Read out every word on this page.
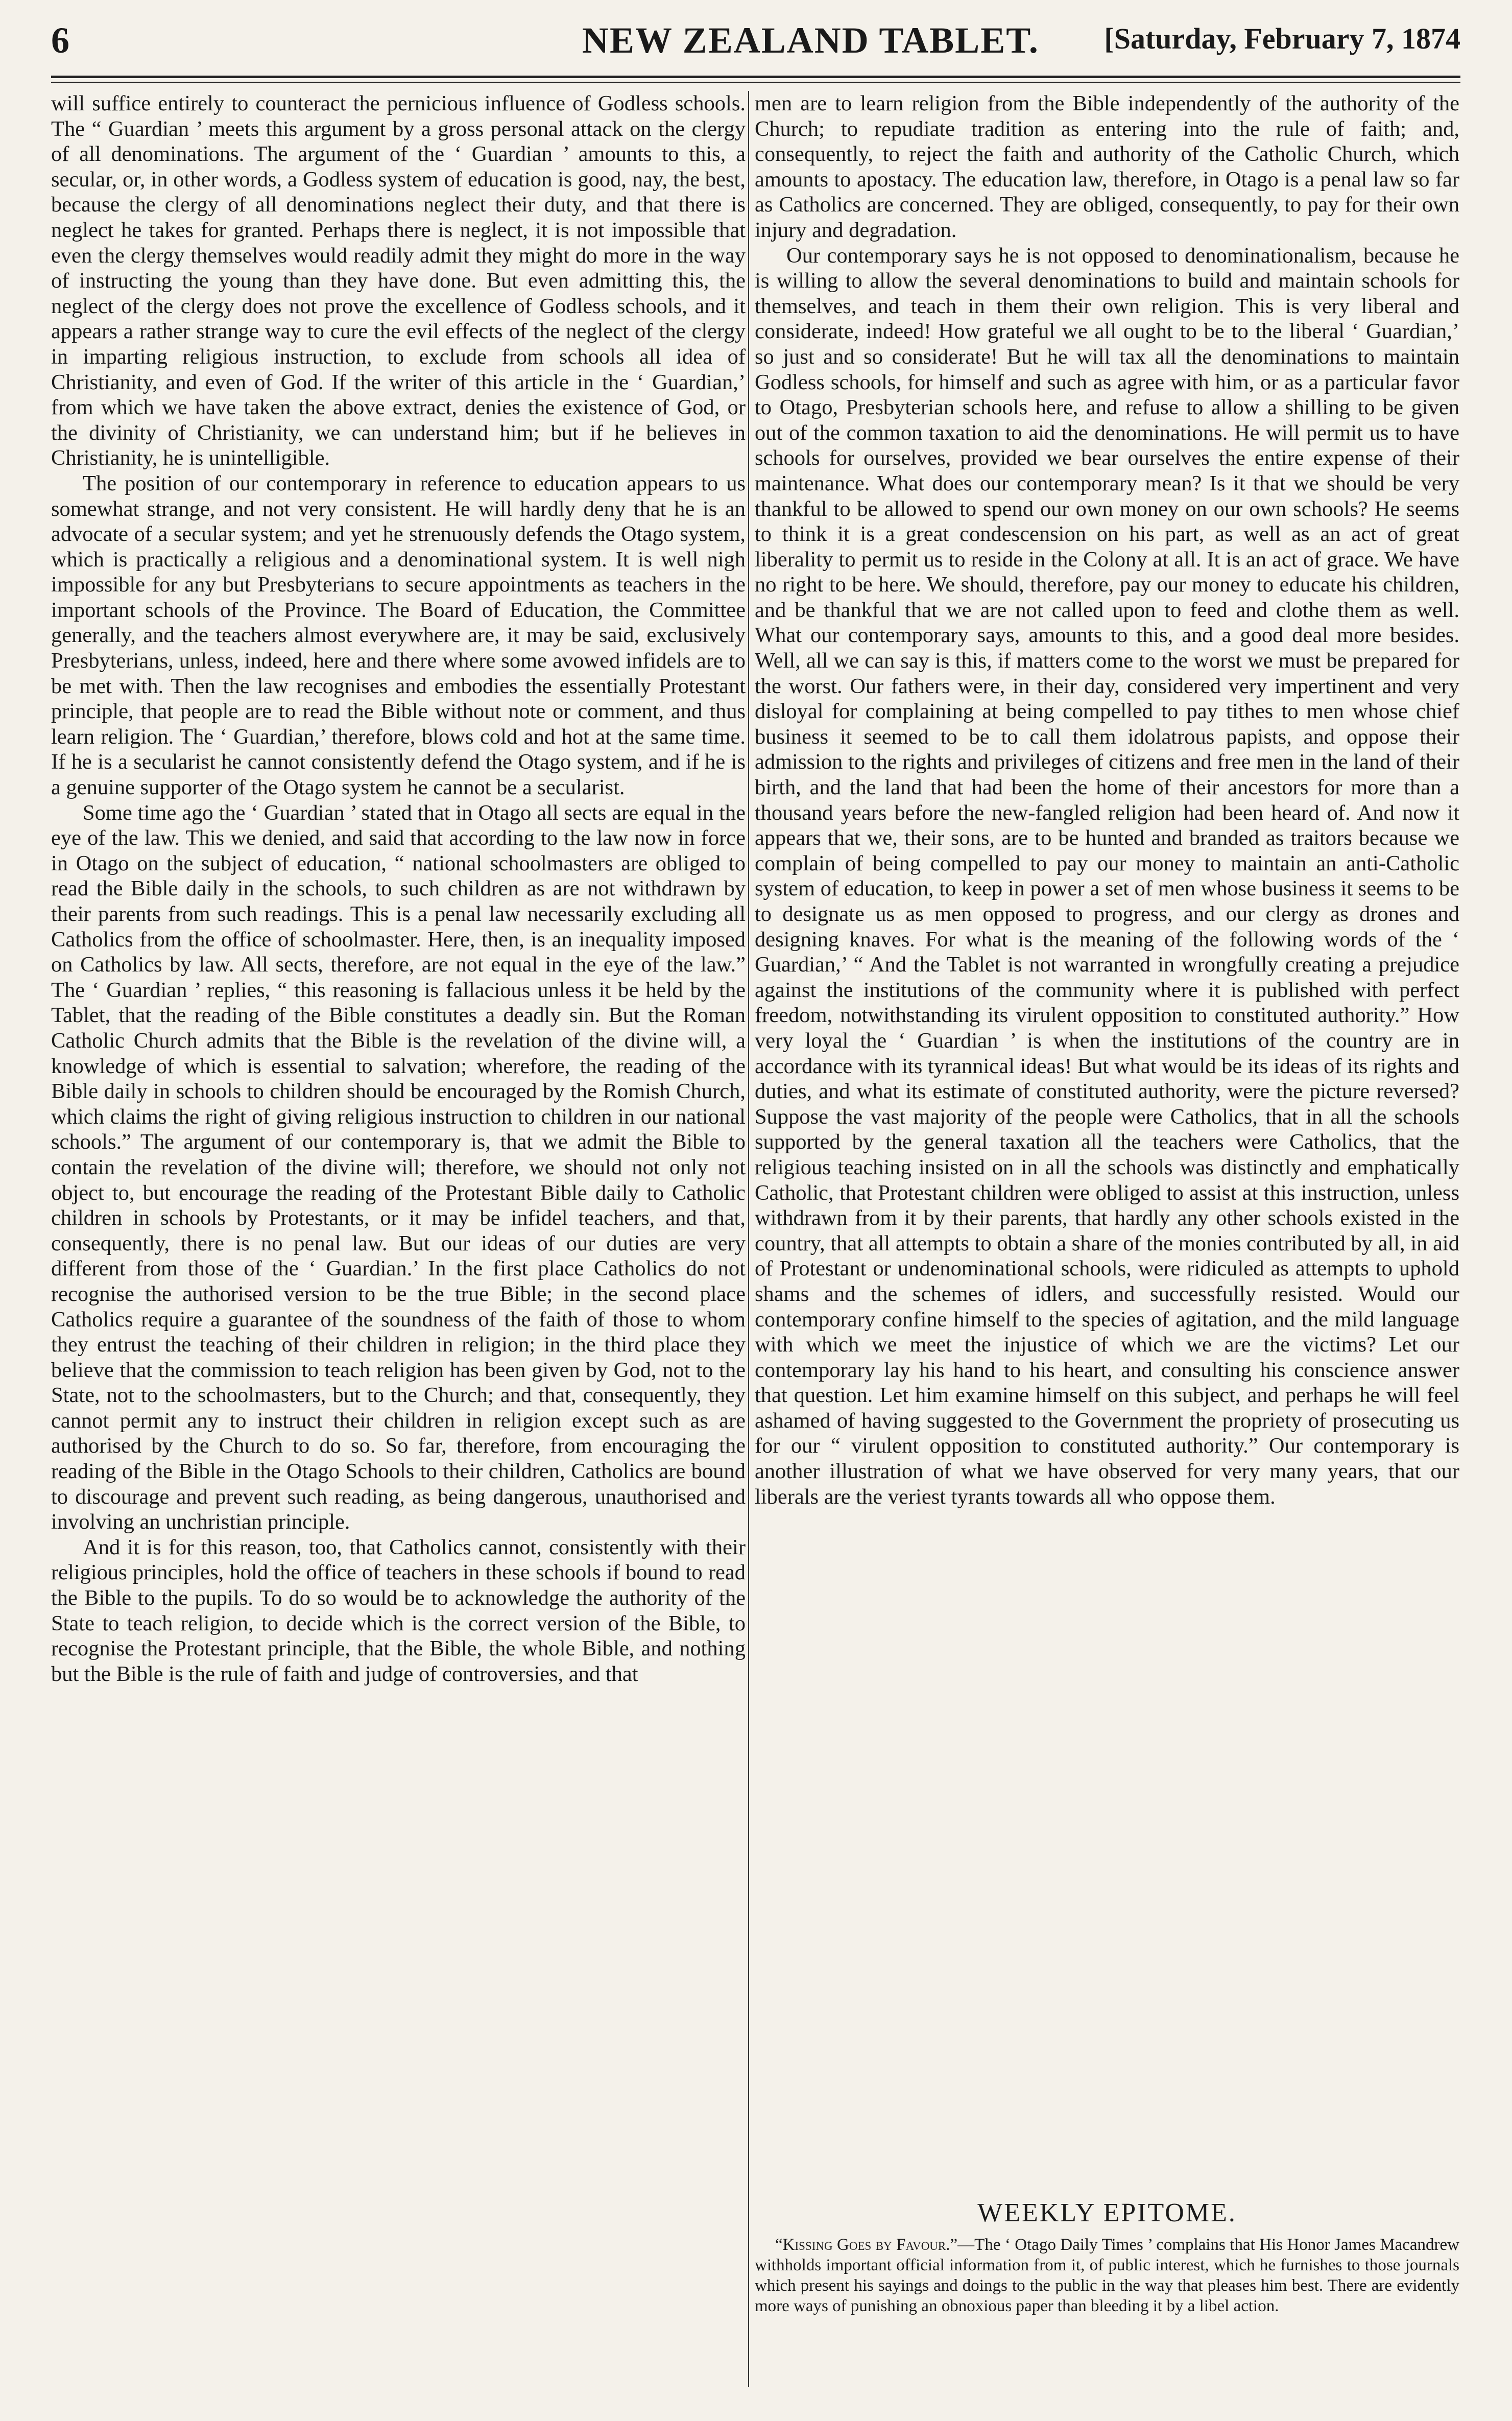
6	NEW ZEALAND TABLET. [Saturday, February 7, 1874

will suffice entirely to counteract the pernicious influence of Godless schools. The “ Guardian ’ meets this argument by a gross personal attack on the clergy of all denominations. The argument of the ‘ Guardian ’ amounts to this, a secular, or, in other words, a Godless system of education is good, nay, the best, because the clergy of all denominations neglect their duty, and that there is neglect he takes for granted. Perhaps there is neglect, it is not impossible that even the clergy themselves would readily admit they might do more in the way of instructing the young than they have done. But even admitting this, the neglect of the clergy does not prove the excellence of Godless schools, and it appears a rather strange way to cure the evil effects of the neglect of the clergy in imparting religious instruction, to exclude from schools all idea of Christianity, and even of God. If the writer of this article in the ‘ Guardian,’ from which we have taken the above extract, denies the existence of God, or the divinity of Christianity, we can understand him; but if he believes in Christianity, he is unintelligible.

The position of our contemporary in reference to education appears to us somewhat strange, and not very consistent. He will hardly deny that he is an advocate of a secular system; and yet he strenuously defends the Otago system, which is practically a religious and a denominational system. It is well nigh impossible for any but Presbyterians to secure appointments as teachers in the important schools of the Province. The Board of Education, the Committee generally, and the teachers almost everywhere are, it may be said, exclusively Presbyterians, unless, indeed, here and there where some avowed infidels are to be met with. Then the law recognises and embodies the essentially Protestant principle, that people are to read the Bible without note or comment, and thus learn religion. The ‘ Guardian,’ therefore, blows cold and hot at the same time. If he is a secularist he cannot consistently defend the Otago system, and if he is a genuine supporter of the Otago system he cannot be a secularist.

Some time ago the ‘ Guardian ’ stated that in Otago all sects are equal in the eye of the law. This we denied, and said that according to the law now in force in Otago on the subject of education, “ national schoolmasters are obliged to read the Bible daily in the schools, to such children as are not withdrawn by their parents from such readings. This is a penal law necessarily excluding all Catholics from the office of schoolmaster. Here, then, is an inequality imposed on Catholics by law. All sects, therefore, are not equal in the eye of the law.” The ‘ Guardian ’ replies, “ this reasoning is fallacious unless it be held by the Tablet, that the reading of the Bible constitutes a deadly sin. But the Roman Catholic Church admits that the Bible is the revelation of the divine will, a knowledge of which is essential to salvation; wherefore, the reading of the Bible daily in schools to children should be encouraged by the Romish Church, which claims the right of giving religious instruction to children in our national schools.” The argument of our contemporary is, that we admit the Bible to contain the revelation of the divine will; therefore, we should not only not object to, but encourage the reading of the Protestant Bible daily to Catholic children in schools by Protestants, or it may be infidel teachers, and that, consequently, there is no penal law. But our ideas of our duties are very different from those of the ‘ Guardian.’ In the first place Catholics do not recognise the authorised version to be the true Bible; in the second place Catholics require a guarantee of the soundness of the faith of those to whom they entrust the teaching of their children in religion; in the third place they believe that the commission to teach religion has been given by God, not to the State, not to the schoolmasters, but to the Church; and that, consequently, they cannot permit any to instruct their children in religion except such as are authorised by the Church to do so. So far, therefore, from encouraging the reading of the Bible in the Otago Schools to their children, Catholics are bound to discourage and prevent such reading, as being dangerous, unauthorised and involving an unchristian principle.

And it is for this reason, too, that Catholics cannot, consistently with their religious principles, hold the office of teachers in these schools if bound to read the Bible to the pupils. To do so would be to acknowledge the authority of the State to teach religion, to decide which is the correct version of the Bible, to recognise the Protestant principle, that the Bible, the whole Bible, and nothing but the Bible is the rule of faith and judge of controversies, and that

men are to learn religion from the Bible independently of the authority of the Church; to repudiate tradition as entering into the rule of faith; and, consequently, to reject the faith and authority of the Catholic Church, which amounts to apostacy. The education law, therefore, in Otago is a penal law so far as Catholics are concerned. They are obliged, consequently, to pay for their own injury and degradation.

Our contemporary says he is not opposed to denominationalism, because he is willing to allow the several denominations to build and maintain schools for themselves, and teach in them their own religion. This is very liberal and considerate, indeed! How grateful we all ought to be to the liberal ‘ Guardian,’ so just and so considerate! But he will tax all the denominations to maintain Godless schools, for himself and such as agree with him, or as a particular favor to Otago, Presbyterian schools here, and refuse to allow a shilling to be given out of the common taxation to aid the denominations. He will permit us to have schools for ourselves, provided we bear ourselves the entire expense of their maintenance. What does our contemporary mean? Is it that we should be very thankful to be allowed to spend our own money on our own schools? He seems to think it is a great condescension on his part, as well as an act of great liberality to permit us to reside in the Colony at all. It is an act of grace. We have no right to be here. We should, therefore, pay our money to educate his children, and be thankful that we are not called upon to feed and clothe them as well. What our contemporary says, amounts to this, and a good deal more besides. Well, all we can say is this, if matters come to the worst we must be prepared for the worst. Our fathers were, in their day, considered very impertinent and very disloyal for complaining at being compelled to pay tithes to men whose chief business it seemed to be to call them idolatrous papists, and oppose their admission to the rights and privileges of citizens and free men in the land of their birth, and the land that had been the home of their ancestors for more than a thousand years before the new-fangled religion had been heard of. And now it appears that we, their sons, are to be hunted and branded as traitors because we complain of being compelled to pay our money to maintain an anti-Catholic system of education, to keep in power a set of men whose business it seems to be to designate us as men opposed to progress, and our clergy as drones and designing knaves. For what is the meaning of the following words of the ‘ Guardian,’ “ And the Tablet is not warranted in wrongfully creating a prejudice against the institutions of the community where it is published with perfect freedom, notwithstanding its virulent opposition to constituted authority.” How very loyal the ‘ Guardian ’ is when the institutions of the country are in accordance with its tyrannical ideas! But what would be its ideas of its rights and duties, and what its estimate of constituted authority, were the picture reversed? Suppose the vast majority of the people were Catholics, that in all the schools supported by the general taxation all the teachers were Catholics, that the religious teaching insisted on in all the schools was distinctly and emphatically Catholic, that Protestant children were obliged to assist at this instruction, unless withdrawn from it by their parents, that hardly any other schools existed in the country, that all attempts to obtain a share of the monies contributed by all, in aid of Protestant or undenominational schools, were ridiculed as attempts to uphold shams and the schemes of idlers, and successfully resisted. Would our contemporary confine himself to the species of agitation, and the mild language with which we meet the injustice of which we are the victims? Let our contemporary lay his hand to his heart, and consulting his conscience answer that question. Let him examine himself on this subject, and perhaps he will feel ashamed of having suggested to the Government the propriety of prosecuting us for our “ virulent opposition to constituted authority.” Our contemporary is another illustration of what we have observed for very many years, that our liberals are the veriest tyrants towards all who oppose them.

WEEKLY EPITOME.

“Kissing Goes by Favour.”—The ‘ Otago Daily Times ’ complains that His Honor James Macandrew withholds important official information from it, of public interest, which he furnishes to those journals which present his sayings and doings to the public in the way that pleases him best. There are evidently more ways of punishing an obnoxious paper than bleeding it by a libel action.
